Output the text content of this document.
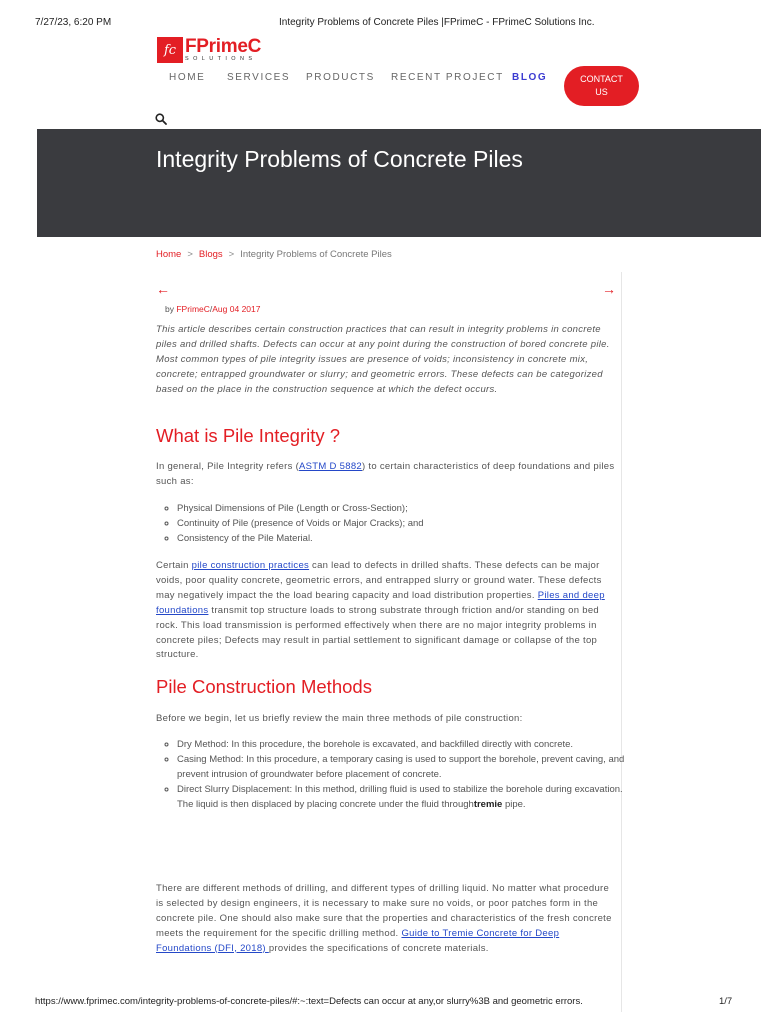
7/27/23, 6:20 PM	Integrity Problems of Concrete Piles |FPrimeC - FPrimeC Solutions Inc.
fc FPrimeC
SOLUTIONS
HOME SERVICES PRODUCTS RECENT PROJECT BLOG	CONTACT US
Integrity Problems of Concrete Piles
Home > Blogs > Integrity Problems of Concrete Piles
←	→
by FPrimeC/Aug 04 2017
This article describes certain construction practices that can result in integrity problems in concrete piles and drilled shafts. Defects can occur at any point during the construction of bored concrete pile. Most common types of pile integrity issues are presence of voids; inconsistency in concrete mix, concrete; entrapped groundwater or slurry; and geometric errors. These defects can be categorized based on the place in the construction sequence at which the defect occurs.
What is Pile Integrity ?
In general, Pile Integrity refers (ASTM D 5882) to certain characteristics of deep foundations and piles such as:
◦ Physical Dimensions of Pile (Length or Cross-Section);
◦ Continuity of Pile (presence of Voids or Major Cracks); and
◦ Consistency of the Pile Material.
Certain pile construction practices can lead to defects in drilled shafts. These defects can be major voids, poor quality concrete, geometric errors, and entrapped slurry or ground water. These defects may negatively impact the the load bearing capacity and load distribution properties. Piles and deep foundations transmit top structure loads to strong substrate through friction and/or standing on bed rock. This load transmission is performed effectively when there are no major integrity problems in concrete piles; Defects may result in partial settlement to significant damage or collapse of the top structure.
Pile Construction Methods
Before we begin, let us briefly review the main three methods of pile construction:
◦ Dry Method: In this procedure, the borehole is excavated, and backfilled directly with concrete.
◦ Casing Method: In this procedure, a temporary casing is used to support the borehole, prevent caving, and prevent intrusion of groundwater before placement of concrete.
◦ Direct Slurry Displacement: In this method, drilling fluid is used to stabilize the borehole during excavation. The liquid is then displaced by placing concrete under the fluid throughtremie pipe.
There are different methods of drilling, and different types of drilling liquid. No matter what procedure is selected by design engineers, it is necessary to make sure no voids, or poor patches form in the concrete pile. One should also make sure that the properties and characteristics of the fresh concrete meets the requirement for the specific drilling method. Guide to Tremie Concrete for Deep Foundations (DFI, 2018) provides the specifications of concrete materials.
https://www.fprimec.com/integrity-problems-of-concrete-piles/#:~:text=Defects can occur at any,or slurry%3B and geometric errors.	1/7
